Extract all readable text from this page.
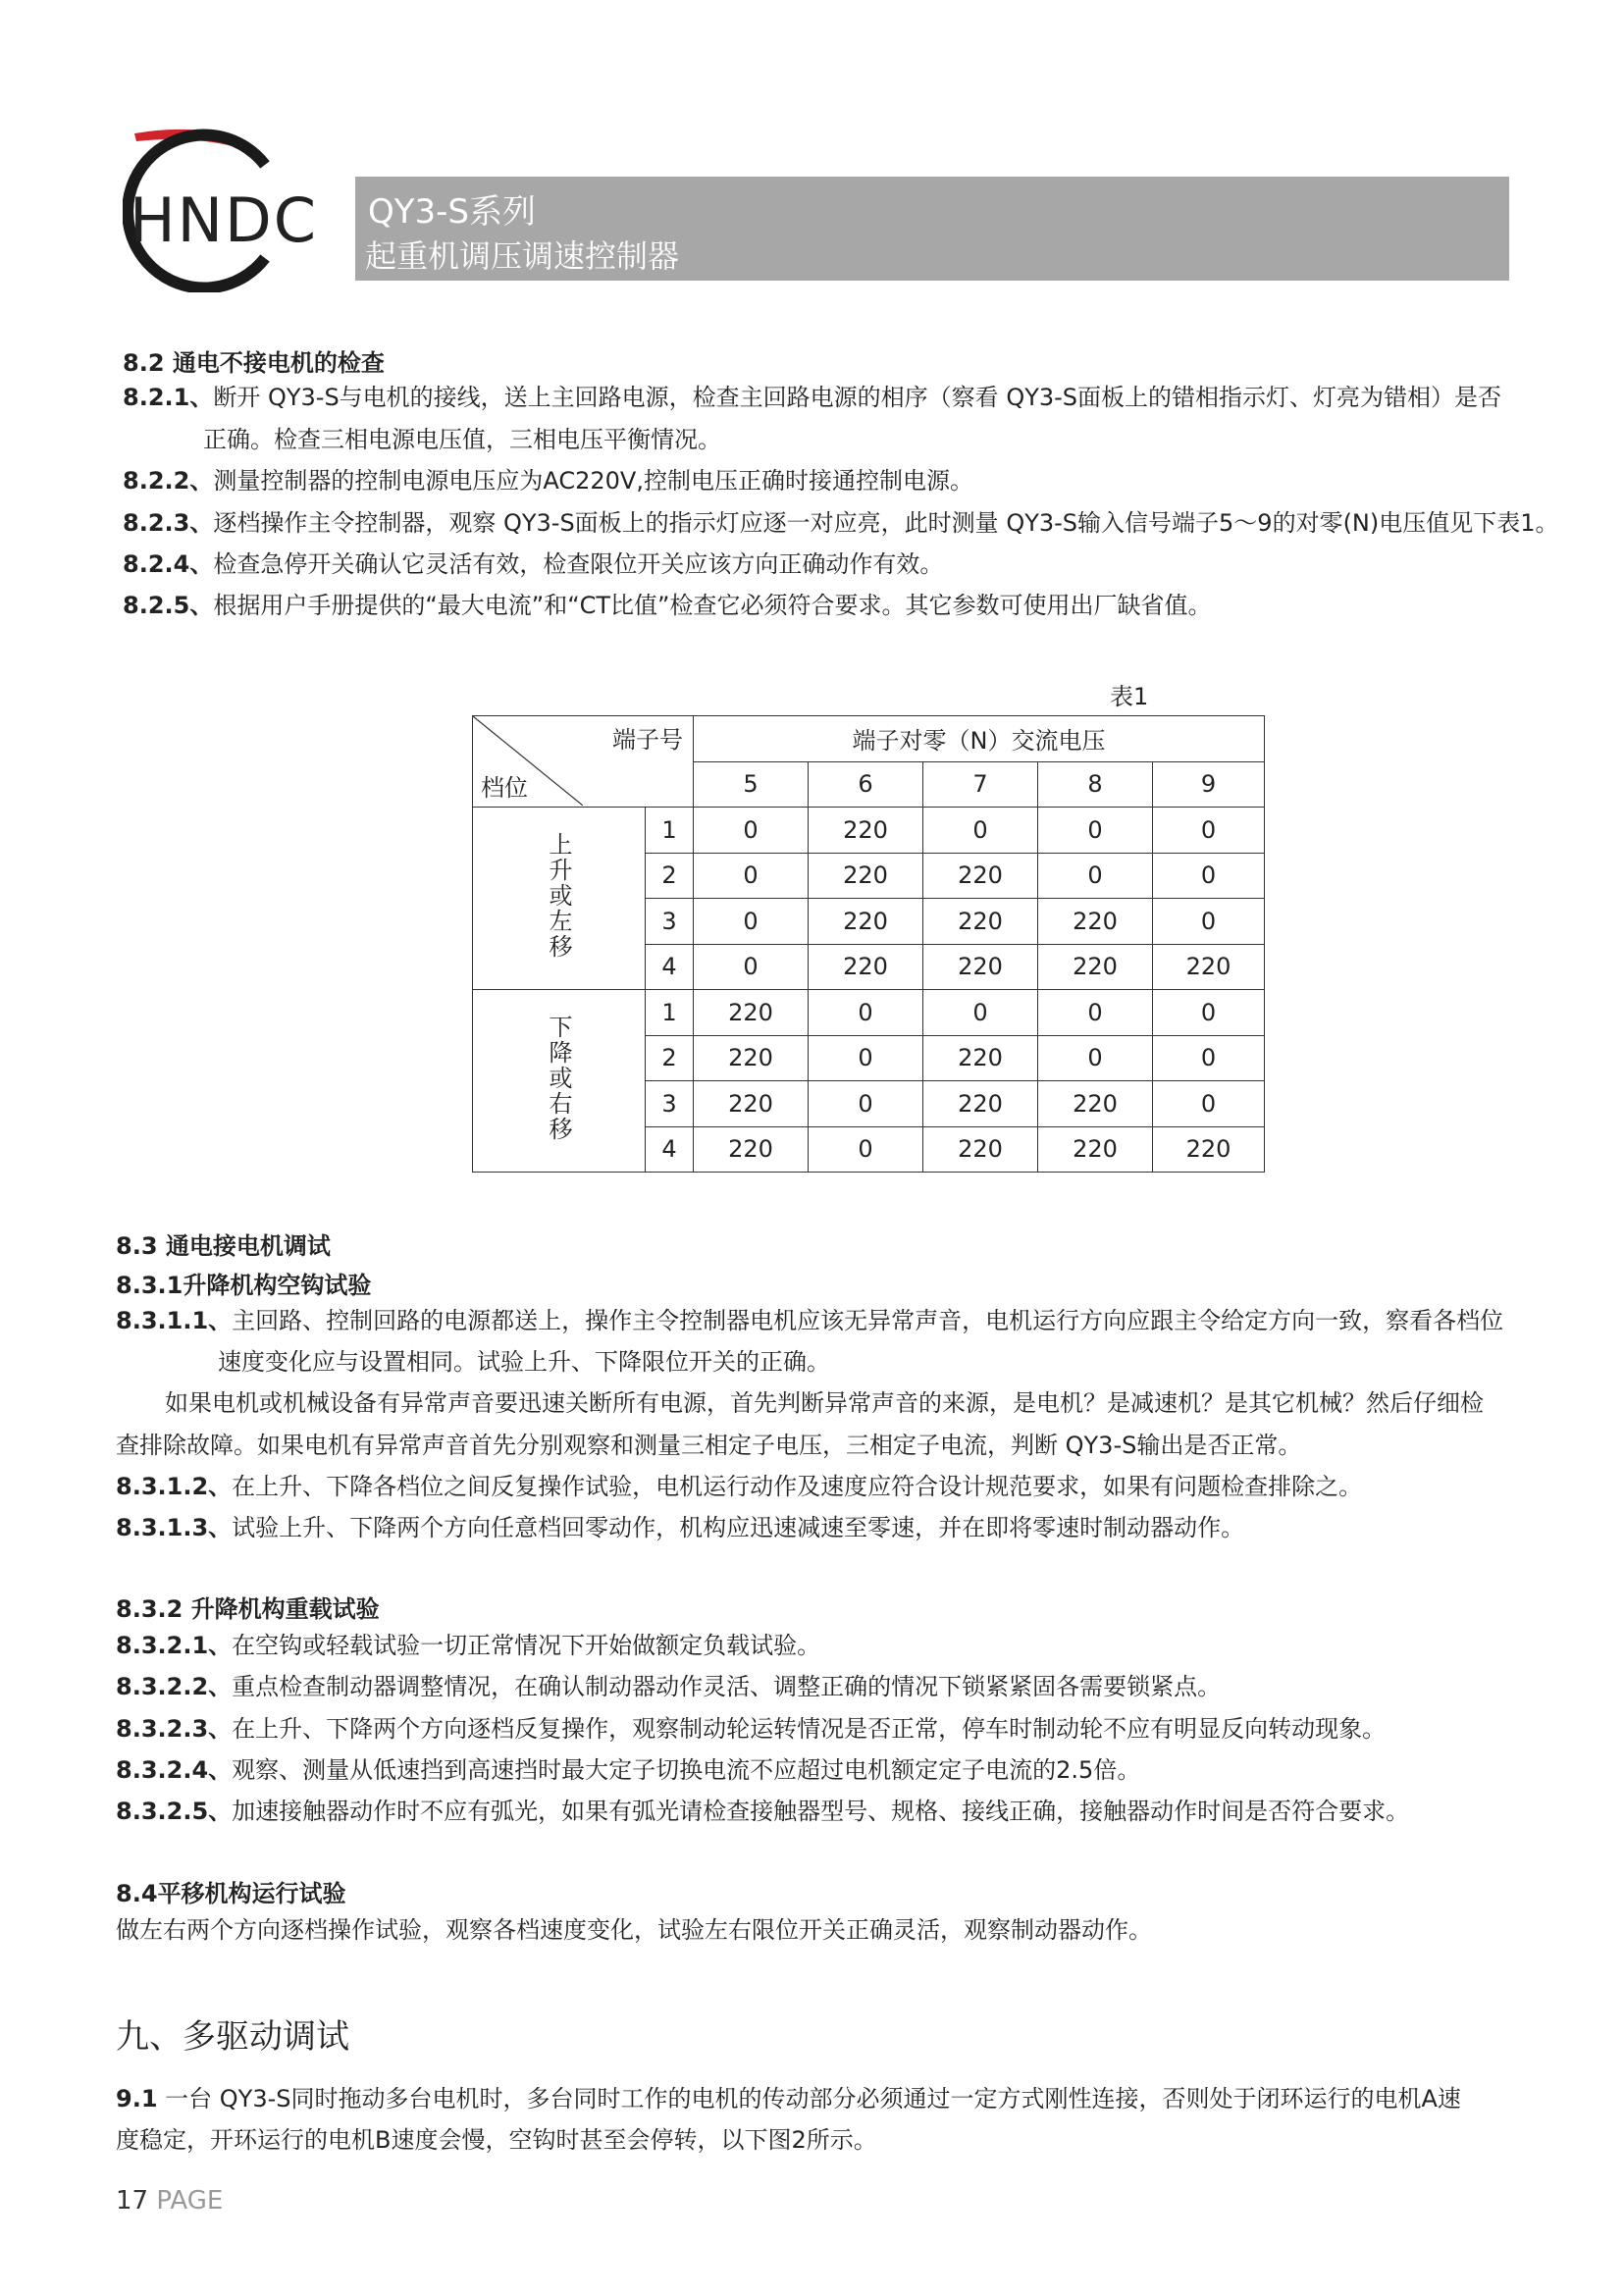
HNDC QY3-S系列
起重机调压调速控制器
8.2 通电不接电机的检查
8.2.1、断开 QY3-S与电机的接线，送上主回路电源，检查主回路电源的相序（察看 QY3-S面板上的错相指示灯、灯亮为错相）是否
正确。检查三相电源电压值，三相电压平衡情况。
8.2.2、测量控制器的控制电源电压应为AC220V,控制电压正确时接通控制电源。
8.2.3、逐档操作主令控制器，观察 QY3-S面板上的指示灯应逐一对应亮，此时测量 QY3-S输入信号端子5～9的对零(N)电压值见下表1。
8.2.4、检查急停开关确认它灵活有效，检查限位开关应该方向正确动作有效。
8.2.5、根据用户手册提供的“最大电流”和“CT比值”检查它必须符合要求。其它参数可使用出厂缺省值。
表1
端子号
档位		端子对零（N）交流电压				
		5	6	7	8	9
上升或左移	1	0	220	0	0	0
	2	0	220	220	0	0
	3	0	220	220	220	0
	4	0	220	220	220	220
下降或右移	1	220	0	0	0	0
	2	220	0	220	0	0
	3	220	0	220	220	0
	4	220	0	220	220	220
8.3 通电接电机调试
8.3.1升降机构空钩试验
8.3.1.1、主回路、控制回路的电源都送上，操作主令控制器电机应该无异常声音，电机运行方向应跟主令给定方向一致，察看各档位
速度变化应与设置相同。试验上升、下降限位开关的正确。
如果电机或机械设备有异常声音要迅速关断所有电源，首先判断异常声音的来源，是电机？是减速机？是其它机械？然后仔细检
查排除故障。如果电机有异常声音首先分别观察和测量三相定子电压，三相定子电流，判断 QY3-S输出是否正常。
8.3.1.2、在上升、下降各档位之间反复操作试验，电机运行动作及速度应符合设计规范要求，如果有问题检查排除之。
8.3.1.3、试验上升、下降两个方向任意档回零动作，机构应迅速减速至零速，并在即将零速时制动器动作。
8.3.2 升降机构重载试验
8.3.2.1、在空钩或轻载试验一切正常情况下开始做额定负载试验。
8.3.2.2、重点检查制动器调整情况，在确认制动器动作灵活、调整正确的情况下锁紧紧固各需要锁紧点。
8.3.2.3、在上升、下降两个方向逐档反复操作，观察制动轮运转情况是否正常，停车时制动轮不应有明显反向转动现象。
8.3.2.4、观察、测量从低速挡到高速挡时最大定子切换电流不应超过电机额定定子电流的2.5倍。
8.3.2.5、加速接触器动作时不应有弧光，如果有弧光请检查接触器型号、规格、接线正确，接触器动作时间是否符合要求。
8.4平移机构运行试验
做左右两个方向逐档操作试验，观察各档速度变化，试验左右限位开关正确灵活，观察制动器动作。
九、多驱动调试
9.1 一台 QY3-S同时拖动多台电机时，多台同时工作的电机的传动部分必须通过一定方式刚性连接，否则处于闭环运行的电机A速
度稳定，开环运行的电机B速度会慢，空钩时甚至会停转，以下图2所示。
17 PAGE
